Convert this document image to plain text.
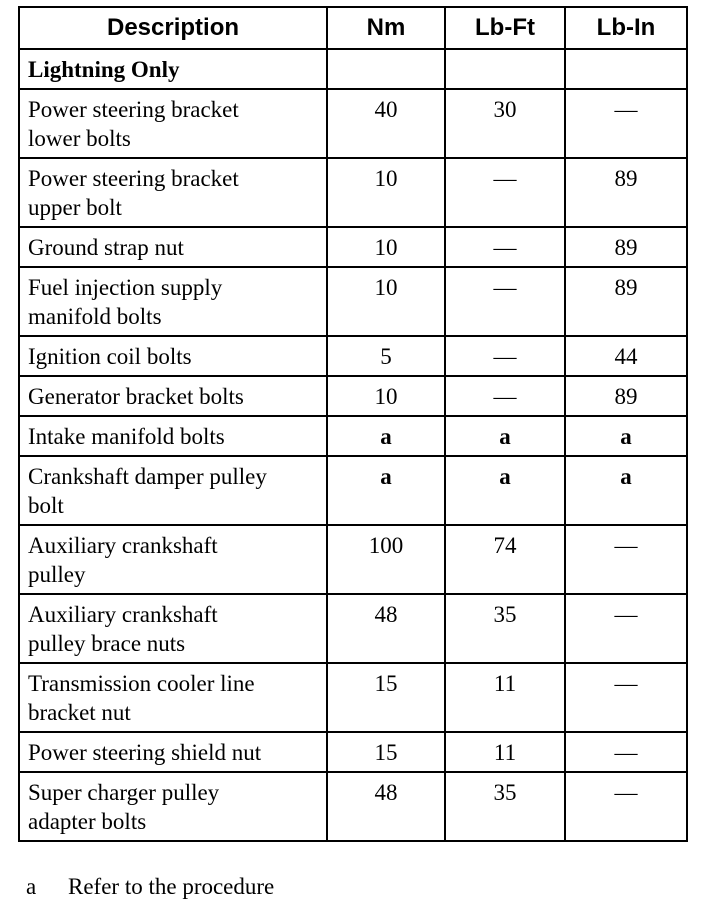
Description	Nm	Lb-Ft	Lb-In
Lightning Only			

Power steering bracket
lower bolts	40	30	—

Power steering bracket
upper bolt	10	—	89

Ground strap nut	10	—	89

Fuel injection supply
manifold bolts	10	—	89

Ignition coil bolts	5	—	44

Generator bracket bolts	10	—	89

Intake manifold bolts	a	a	a

Crankshaft damper pulley
bolt	a	a	a

Auxiliary crankshaft
pulley	100	74	—

Auxiliary crankshaft
pulley brace nuts	48	35	—

Transmission cooler line
bracket nut	15	11	—

Power steering shield nut	15	11	—

Super charger pulley
adapter bolts	48	35	—
a Refer to the procedure
